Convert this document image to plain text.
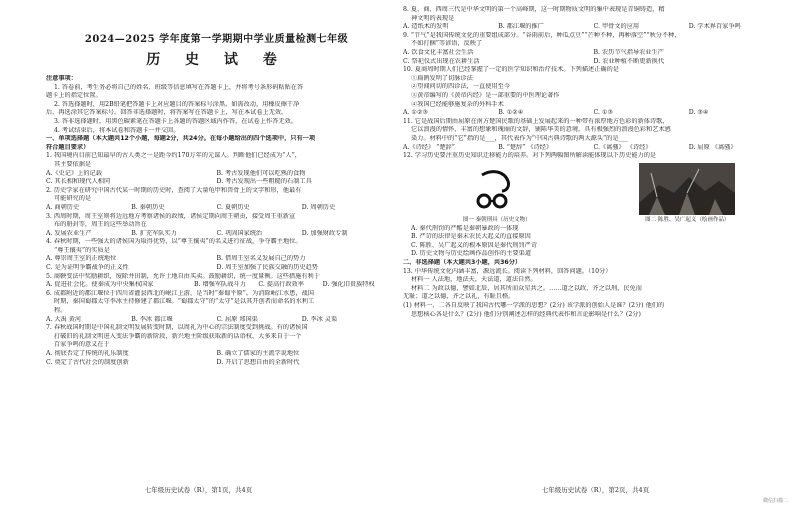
2024—2025 学年度第一学期期中学业质量检测七年级
历 史 试 卷
注意事项：
1. 答卷前，考生务必将自己的姓名、班级等信息填写在答题卡上，并将考号条形码粘贴在答
题卡上的指定位置。
2. 答选择题时，用2B铅笔把答题卡上对应题目的答案标号涂黑。如需改动，用橡皮擦干净
后，再选涂其它答案标号。回答非选择题时，将答案写在答题卡上，写在本试卷上无效。
3. 答非选择题时，用黑色碳素笔在答题卡上各题的答题区域内作答，在试卷上作答无效。
4. 考试结束后，将本试卷和答题卡一并交回。
一、单项选择题（本大题共12个小题，每题2分，共24分。在每小题给出的四个选项中，只有一项
符合题目要求）
1. 我国境内目前已知最早的古人类之一是距今约170万年的元谋人。判断他们已经成为“人”，
其主要依据是
A.《史记》上的记载	B. 考古发现他们可以吃熟的食物
C. 其长相和现代人相同	D. 考古发现出一些粗糙的石制工具
2. 历史学家在研究中国古代某一时期的历史时，查阅了大量龟甲和兽骨上的文字和形，他最有
可能研究的是
A. 商朝历史	B. 秦朝历史	C. 夏朝历史	D. 周朝历史
3. 西周时期，周王室则将边远地方考察诸侯的政绩，诸侯定期向周王朝贡，接受周王重新宣
布的册封等，周王的这些举动旨在
A. 发展农业生产	B. 扩充军队实力	C. 巩固国家统治	D. 加强财政专制
4. 春秋时期，一些强大的诸侯国为取得优势，以“尊王攘夷”的名义进行征战，争夺霸主地位。
“尊王攘夷”的实质是
A. 尊崇周王室的正统地位	B. 借周王室名义发展自己的势力
C. 是为证明争霸战争的正义性	D. 周王室加强了民族交融的历史趋势
5. 商鞅变法中奖励耕织，废除井田制，允许土地自由买卖。鼓励耕织，统一度量衡。这些措施有利于
A. 促进社会化。使秦成为中央集权国家	B. 增强军队战斗力	C. 提高行政效率	D. 强化旧贵族特权
6. 成都附近的都江堰位于四川省灌县西北的岷江上游，是当时“秦蜀平原”。为消除岷江水患，战国
时期，秦国蜀郡太守李冰主持修建了都江堰。“蜀郡太守”的“太守”是以其开创者而命名的水利工
程。
A. 大禹 黄河	B. 李冰 都江堰	C. 屈原 郑国渠	D. 李冰 灵渠
7. 春秋战国时期是中国礼制文明发展转变时期，以周礼为中心的宗法制度受到挑战。有的诸侯国
打破旧的礼制文明进入变法争霸的新阶段，新兴地主阶级获取新的话语权，大多来自于一个
百家争鸣的意义在于
A. 彻底否定了传统的礼乐制度	B. 确立了儒家的主流学说地位
C. 奠定了古代社会的制度创新	D. 开启了思想自由的全新时代
七年级历史试卷（R），第1页，共4页
8. 夏、商、西周三代是中华文明的第一个高峰期，这一时期物质文明的集中表现是青铜铸造，精
神文明的表现是
A. 造纸术的发明	B. 都江堰的推广	C. 甲骨文的应用	D. 学术界百家争鸣
9. “节气”是我国传统文化的重要组成部分。“谷雨前后，种瓜点豆”“芒种不种，再种落空”“秋分不种，
不如打捆”等谚语，反映了
A. 饮食文化丰富社会生活	B. 农历节气指导农业生产
C. 祭祀仪式出现在农耕生活	D. 农业种植不断更新换代
10. 夏商周时期人们已经掌握了一定的医学知识和治疗技术。下列描述正确的是
①扁鹊发明了切脉诊法
②望闻问切的四诊法，一直使用至今
③黄帝编写的《黄帝内经》是一部重要的中医理论著作
④我国已经能够施复杂的外科手术
A. ①②③	B. ①②④	C. ①③	D. ③④
11. 它是战国后期由屈原在南方楚国民歌的基础上发展起来的一种带有浓厚地方色彩的新体诗歌，
它以浪漫的情怀、丰富的想象和瑰丽的文辞，铺陈华美的意境，具有极强烈的浪漫色彩和艺术感
染力。材料中的“它”指的是___，其代表作为“中国古典诗歌的两大源头”的是___
A.《诗经》 “楚辞”	B. “楚辞” 《诗经》	C.《离骚》 《诗经》	D. 屈原 《离骚》
12. 学习历史要注重历史知识迁移能力的培养。对下列两幅图所解读能体现以下历史能力的是
图一 秦朝刑具（历史文物）	图二 陈胜、吴广起义（绘画作品）
A. 秦代刑罚的严酷是秦朝暴政的一体现
B. 严苛的法律是秦末农民大起义的直接原因
C. 陈胜、吴广起义的根本原因是秦代刑罚严苛
D. 历史文物与历史绘画作品创作的主要渠道
二、非选择题（本大题共3小题，共36分）
13. 中华传统文化内涵丰富，源远流长。阅读下列材料，回答问题。（10分）
材料一 人法地，地法天，天法道，道法自然。
材料二 为政以德，譬如北辰，居其所而众星共之。……道之以政，齐之以刑，民免而
无耻；道之以德，齐之以礼，有耻且格。
(1) 材料一、二各自反映了我国古代哪一学派的思想？(2分) 该学派的创始人是谁？(2分) 他们的
思想核心各是什么？(2分) 他们分别阐述怎样的经典代表作和言论影响是什么？(2分)
七年级历史试卷（R），第2页，共4页
微信扫描二
